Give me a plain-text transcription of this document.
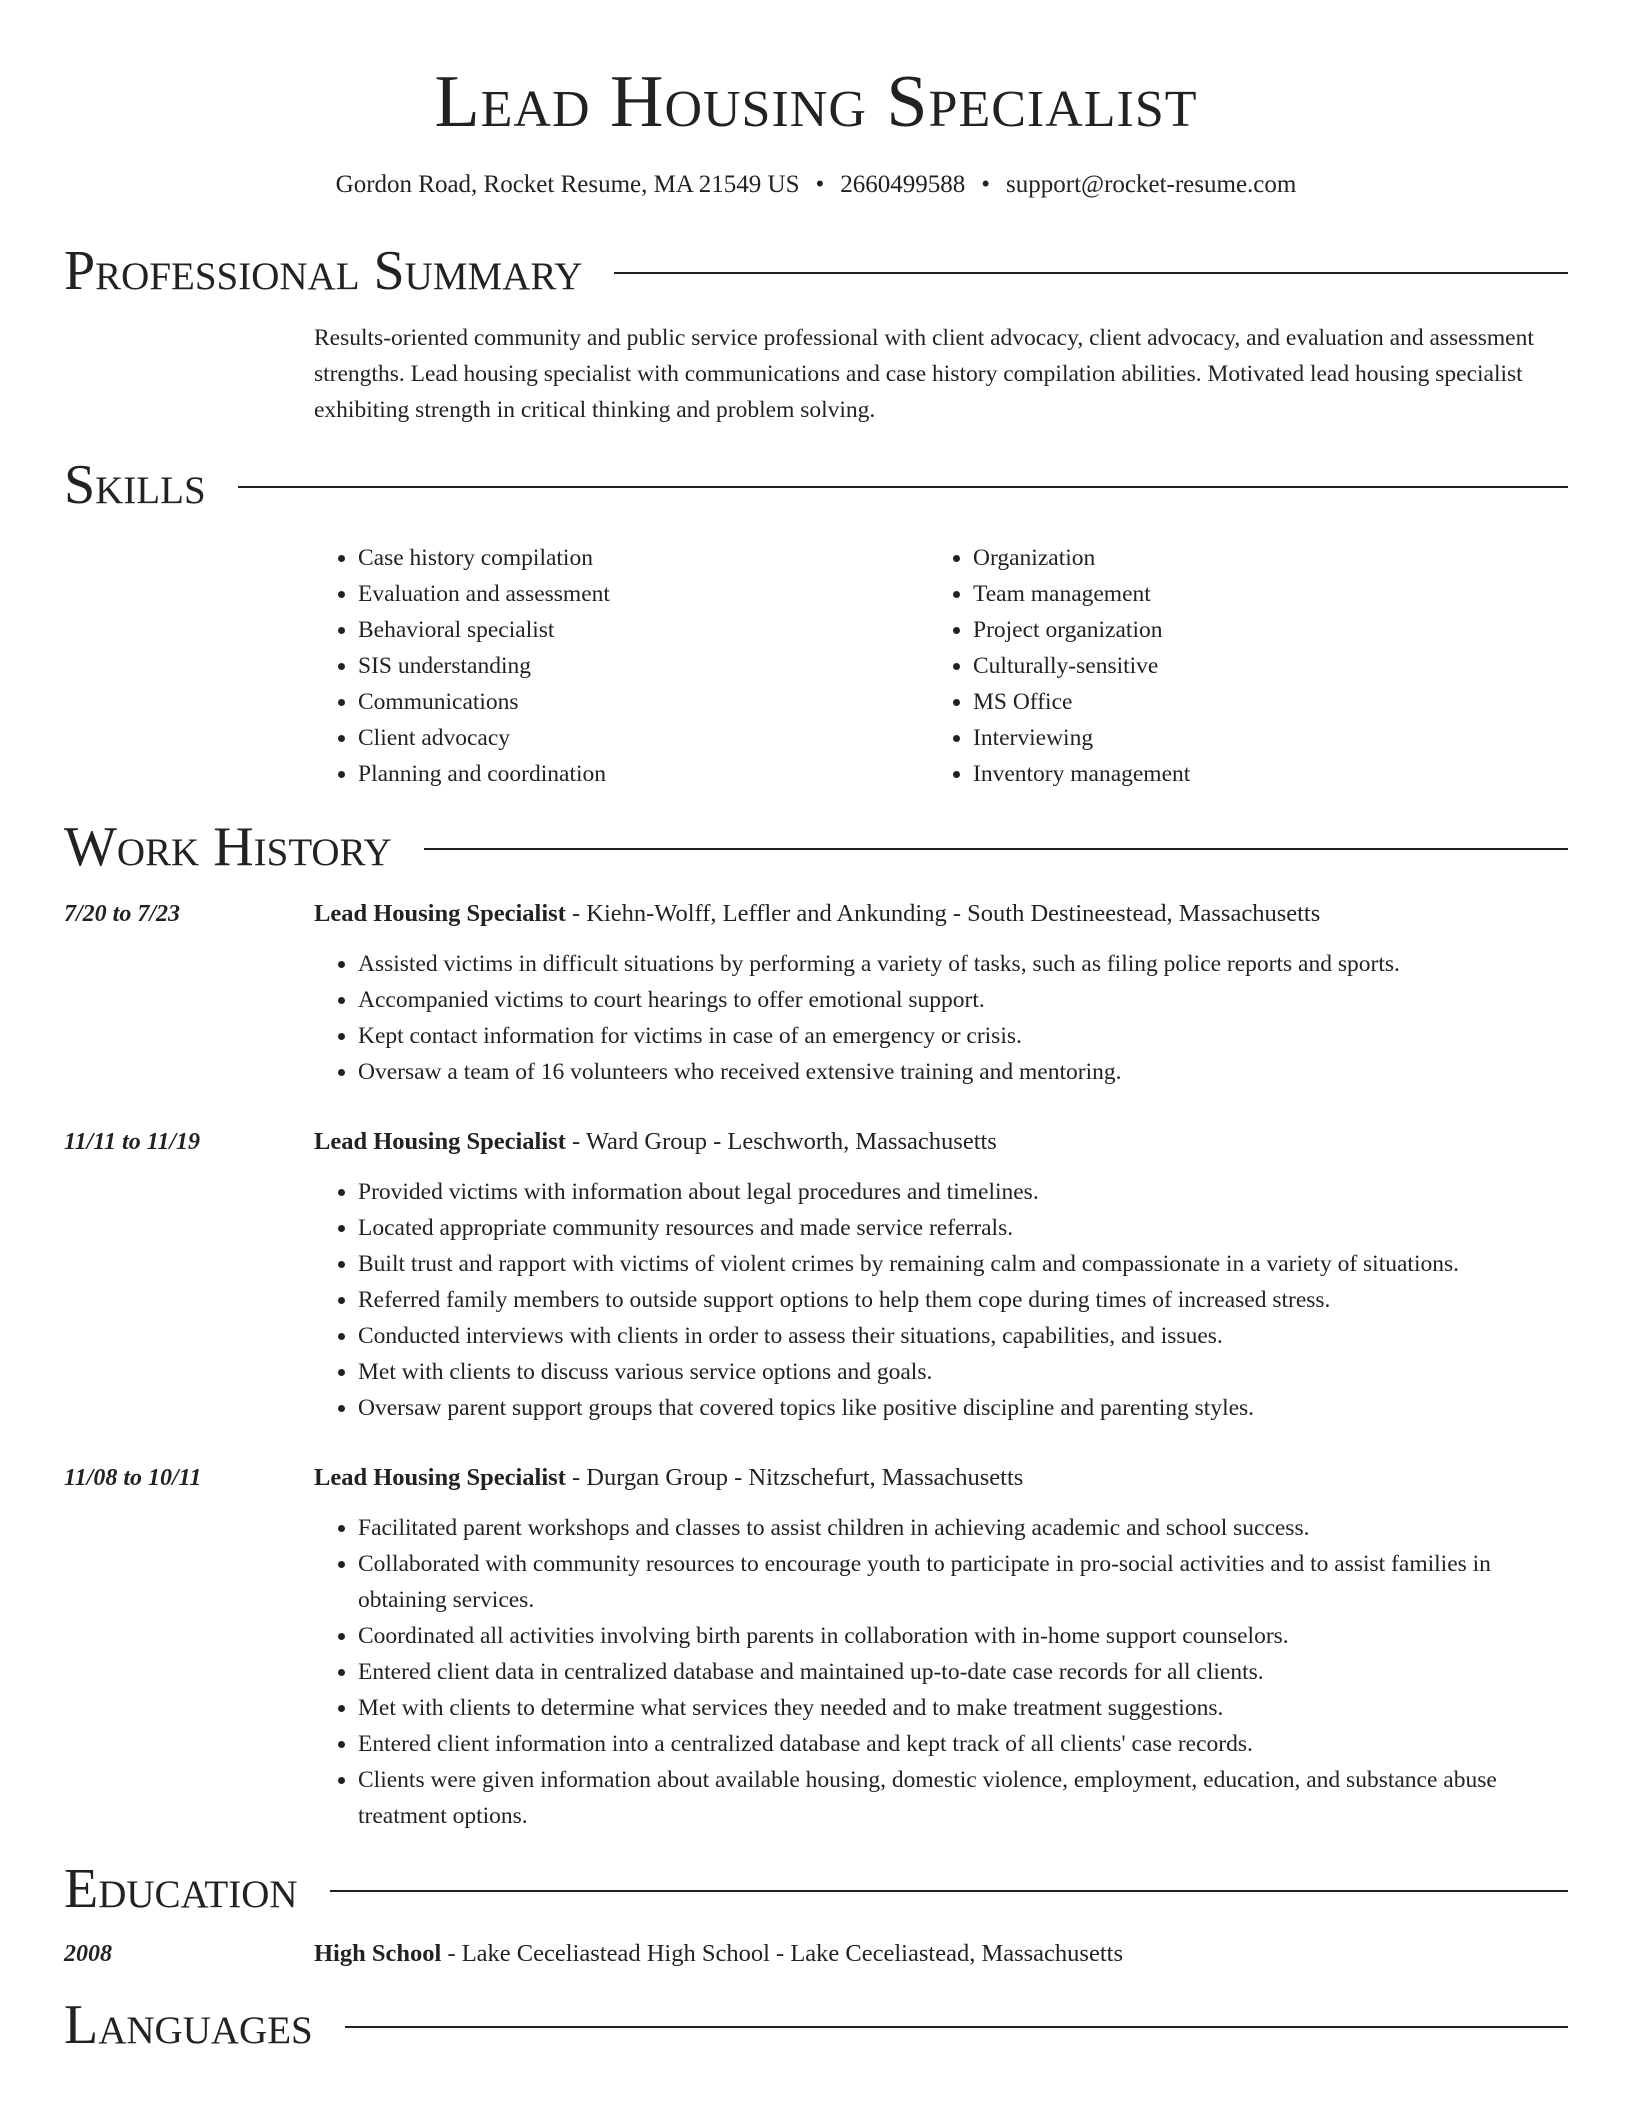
Lead Housing Specialist
Gordon Road, Rocket Resume, MA 21549 US • 2660499588 • support@rocket-resume.com
Professional Summary
Results-oriented community and public service professional with client advocacy, client advocacy, and evaluation and assessment strengths. Lead housing specialist with communications and case history compilation abilities. Motivated lead housing specialist exhibiting strength in critical thinking and problem solving.
Skills
• Case history compilation
• Evaluation and assessment
• Behavioral specialist
• SIS understanding
• Communications
• Client advocacy
• Planning and coordination
• Organization
• Team management
• Project organization
• Culturally-sensitive
• MS Office
• Interviewing
• Inventory management
Work History
7/20 to 7/23	Lead Housing Specialist - Kiehn-Wolff, Leffler and Ankunding - South Destineestead, Massachusetts
• Assisted victims in difficult situations by performing a variety of tasks, such as filing police reports and sports.
• Accompanied victims to court hearings to offer emotional support.
• Kept contact information for victims in case of an emergency or crisis.
• Oversaw a team of 16 volunteers who received extensive training and mentoring.
11/11 to 11/19	Lead Housing Specialist - Ward Group - Leschworth, Massachusetts
• Provided victims with information about legal procedures and timelines.
• Located appropriate community resources and made service referrals.
• Built trust and rapport with victims of violent crimes by remaining calm and compassionate in a variety of situations.
• Referred family members to outside support options to help them cope during times of increased stress.
• Conducted interviews with clients in order to assess their situations, capabilities, and issues.
• Met with clients to discuss various service options and goals.
• Oversaw parent support groups that covered topics like positive discipline and parenting styles.
11/08 to 10/11	Lead Housing Specialist - Durgan Group - Nitzschefurt, Massachusetts
• Facilitated parent workshops and classes to assist children in achieving academic and school success.
• Collaborated with community resources to encourage youth to participate in pro-social activities and to assist families in obtaining services.
• Coordinated all activities involving birth parents in collaboration with in-home support counselors.
• Entered client data in centralized database and maintained up-to-date case records for all clients.
• Met with clients to determine what services they needed and to make treatment suggestions.
• Entered client information into a centralized database and kept track of all clients' case records.
• Clients were given information about available housing, domestic violence, employment, education, and substance abuse treatment options.
Education
2008	High School - Lake Ceceliastead High School - Lake Ceceliastead, Massachusetts
Languages
